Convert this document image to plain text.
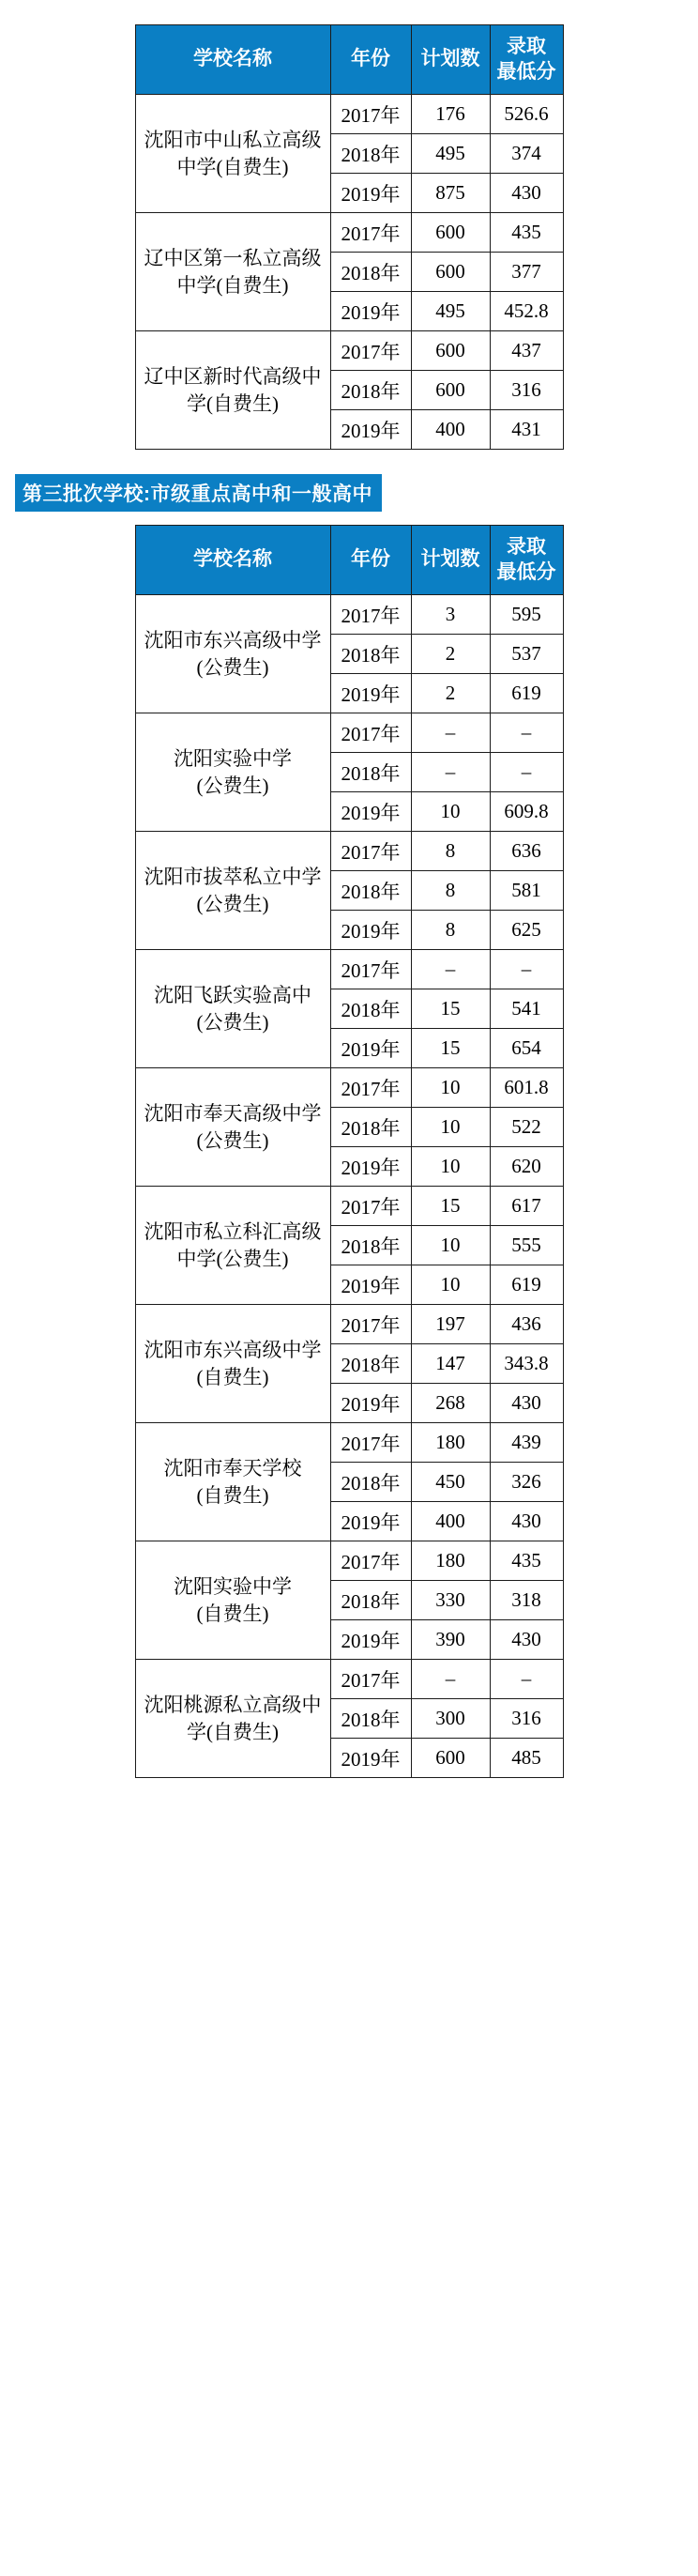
学校名称	年份	计划数	录取
最低分

沈阳市中山私立高级
中学(自费生)	2017年	176	526.6
	2018年	495	374
	2019年	875	430

辽中区第一私立高级
中学(自费生)	2017年	600	435
	2018年	600	377
	2019年	495	452.8

辽中区新时代高级中
学(自费生)	2017年	600	437
	2018年	600	316
	2019年	400	431
第三批次学校:市级重点高中和一般高中
学校名称	年份	计划数	录取
最低分

沈阳市东兴高级中学
(公费生)	2017年	3	595
	2018年	2	537
	2019年	2	619

沈阳实验中学
(公费生)	2017年	–	–
	2018年	–	–
	2019年	10	609.8

沈阳市拔萃私立中学
(公费生)	2017年	8	636
	2018年	8	581
	2019年	8	625

沈阳飞跃实验高中
(公费生)	2017年	–	–
	2018年	15	541
	2019年	15	654

沈阳市奉天高级中学
(公费生)	2017年	10	601.8
	2018年	10	522
	2019年	10	620

沈阳市私立科汇高级
中学(公费生)	2017年	15	617
	2018年	10	555
	2019年	10	619

沈阳市东兴高级中学
(自费生)	2017年	197	436
	2018年	147	343.8
	2019年	268	430

沈阳市奉天学校
(自费生)	2017年	180	439
	2018年	450	326
	2019年	400	430

沈阳实验中学
(自费生)	2017年	180	435
	2018年	330	318
	2019年	390	430

沈阳桃源私立高级中
学(自费生)	2017年	–	–
	2018年	300	316
	2019年	600	485
